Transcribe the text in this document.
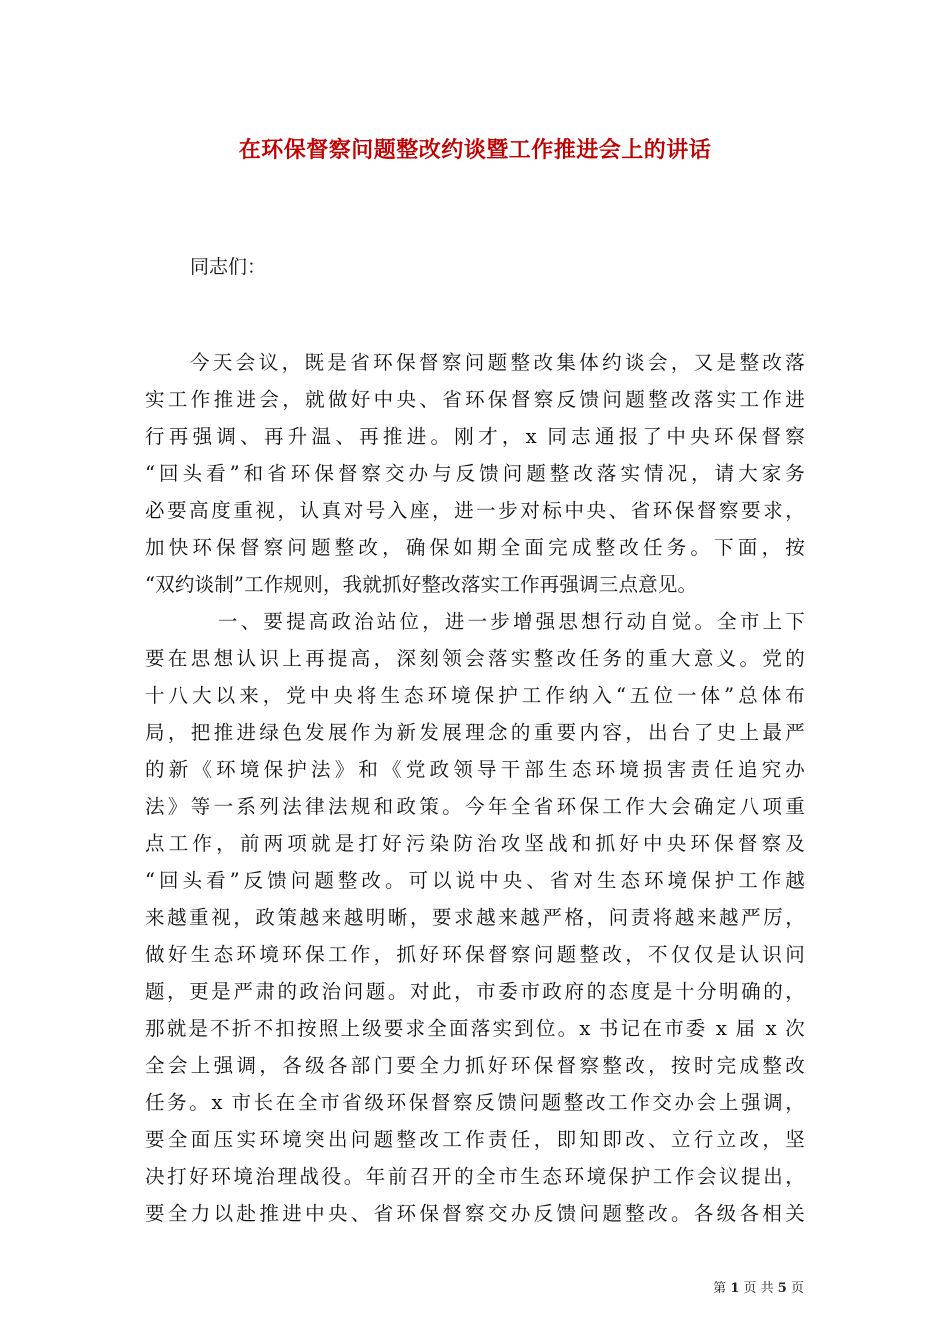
在环保督察问题整改约谈暨工作推进会上的讲话
同志们：
今天会议，既是省环保督察问题整改集体约谈会，又是整改落
实工作推进会，就做好中央、省环保督察反馈问题整改落实工作进
行再强调、再升温、再推进。刚才，x 同志通报了中央环保督察
“回头看”和省环保督察交办与反馈问题整改落实情况，请大家务
必要高度重视，认真对号入座，进一步对标中央、省环保督察要求，
加快环保督察问题整改，确保如期全面完成整改任务。下面，按
“双约谈制”工作规则，我就抓好整改落实工作再强调三点意见。
一、要提高政治站位，进一步增强思想行动自觉。全市上下
要在思想认识上再提高，深刻领会落实整改任务的重大意义。党的
十八大以来，党中央将生态环境保护工作纳入“五位一体”总体布
局，把推进绿色发展作为新发展理念的重要内容，出台了史上最严
的新《环境保护法》和《党政领导干部生态环境损害责任追究办
法》等一系列法律法规和政策。今年全省环保工作大会确定八项重
点工作，前两项就是打好污染防治攻坚战和抓好中央环保督察及
“回头看”反馈问题整改。可以说中央、省对生态环境保护工作越
来越重视，政策越来越明晰，要求越来越严格，问责将越来越严厉，
做好生态环境环保工作，抓好环保督察问题整改，不仅仅是认识问
题，更是严肃的政治问题。对此，市委市政府的态度是十分明确的，
那就是不折不扣按照上级要求全面落实到位。x 书记在市委 x 届 x 次
全会上强调，各级各部门要全力抓好环保督察整改，按时完成整改
任务。x 市长在全市省级环保督察反馈问题整改工作交办会上强调，
要全面压实环境突出问题整改工作责任，即知即改、立行立改，坚
决打好环境治理战役。年前召开的全市生态环境保护工作会议提出，
要全力以赴推进中央、省环保督察交办反馈问题整改。各级各相关
第 1 页 共 5 页
